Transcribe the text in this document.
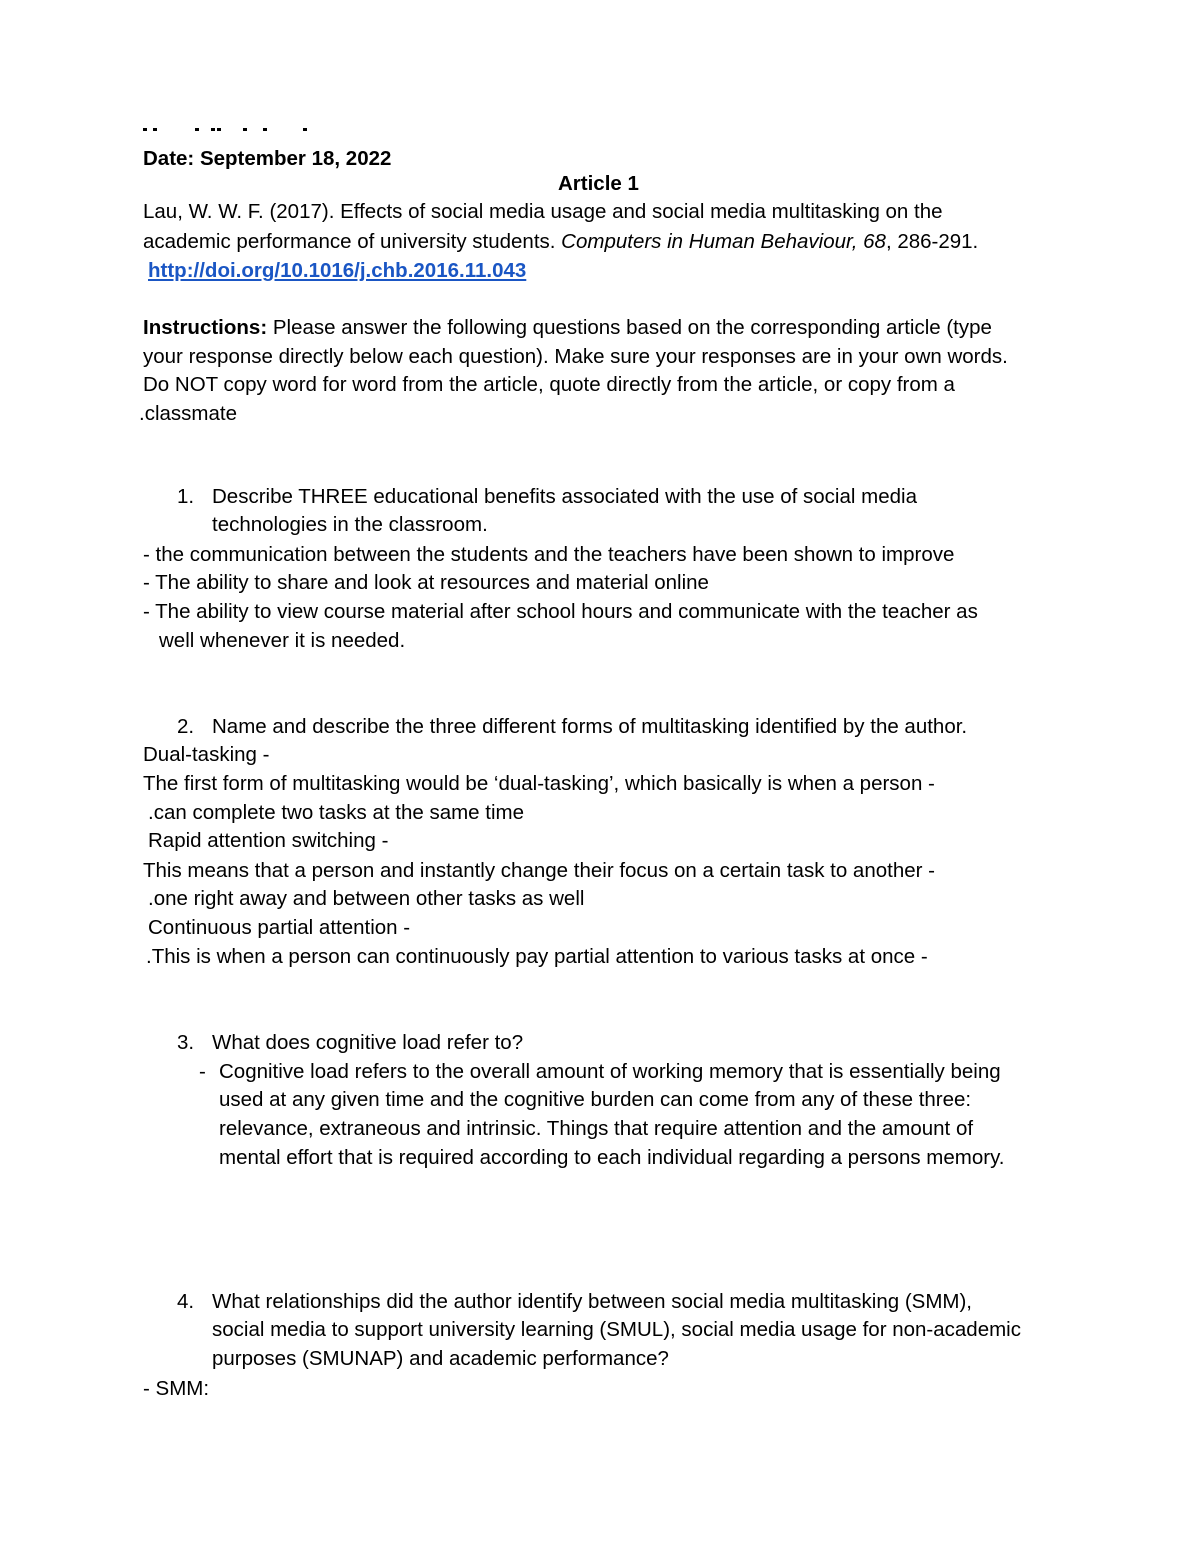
Date: September 18, 2022
Article 1
Lau, W. W. F. (2017). Effects of social media usage and social media multitasking on the
academic performance of university students. Computers in Human Behaviour, 68, 286-291.
http://doi.org/10.1016/j.chb.2016.11.043
Instructions: Please answer the following questions based on the corresponding article (type
your response directly below each question). Make sure your responses are in your own words.
Do NOT copy word for word from the article, quote directly from the article, or copy from a
.classmate
1. Describe THREE educational benefits associated with the use of social media
technologies in the classroom.
- the communication between the students and the teachers have been shown to improve
- The ability to share and look at resources and material online
- The ability to view course material after school hours and communicate with the teacher as
well whenever it is needed.
2. Name and describe the three different forms of multitasking identified by the author.
Dual-tasking -
The first form of multitasking would be ‘dual-tasking’, which basically is when a person -
.can complete two tasks at the same time
Rapid attention switching -
This means that a person and instantly change their focus on a certain task to another -
.one right away and between other tasks as well
Continuous partial attention -
.This is when a person can continuously pay partial attention to various tasks at once -
3. What does cognitive load refer to?
- Cognitive load refers to the overall amount of working memory that is essentially being
used at any given time and the cognitive burden can come from any of these three:
relevance, extraneous and intrinsic. Things that require attention and the amount of
mental effort that is required according to each individual regarding a persons memory.
4. What relationships did the author identify between social media multitasking (SMM),
social media to support university learning (SMUL), social media usage for non-academic
purposes (SMUNAP) and academic performance?
- SMM:
